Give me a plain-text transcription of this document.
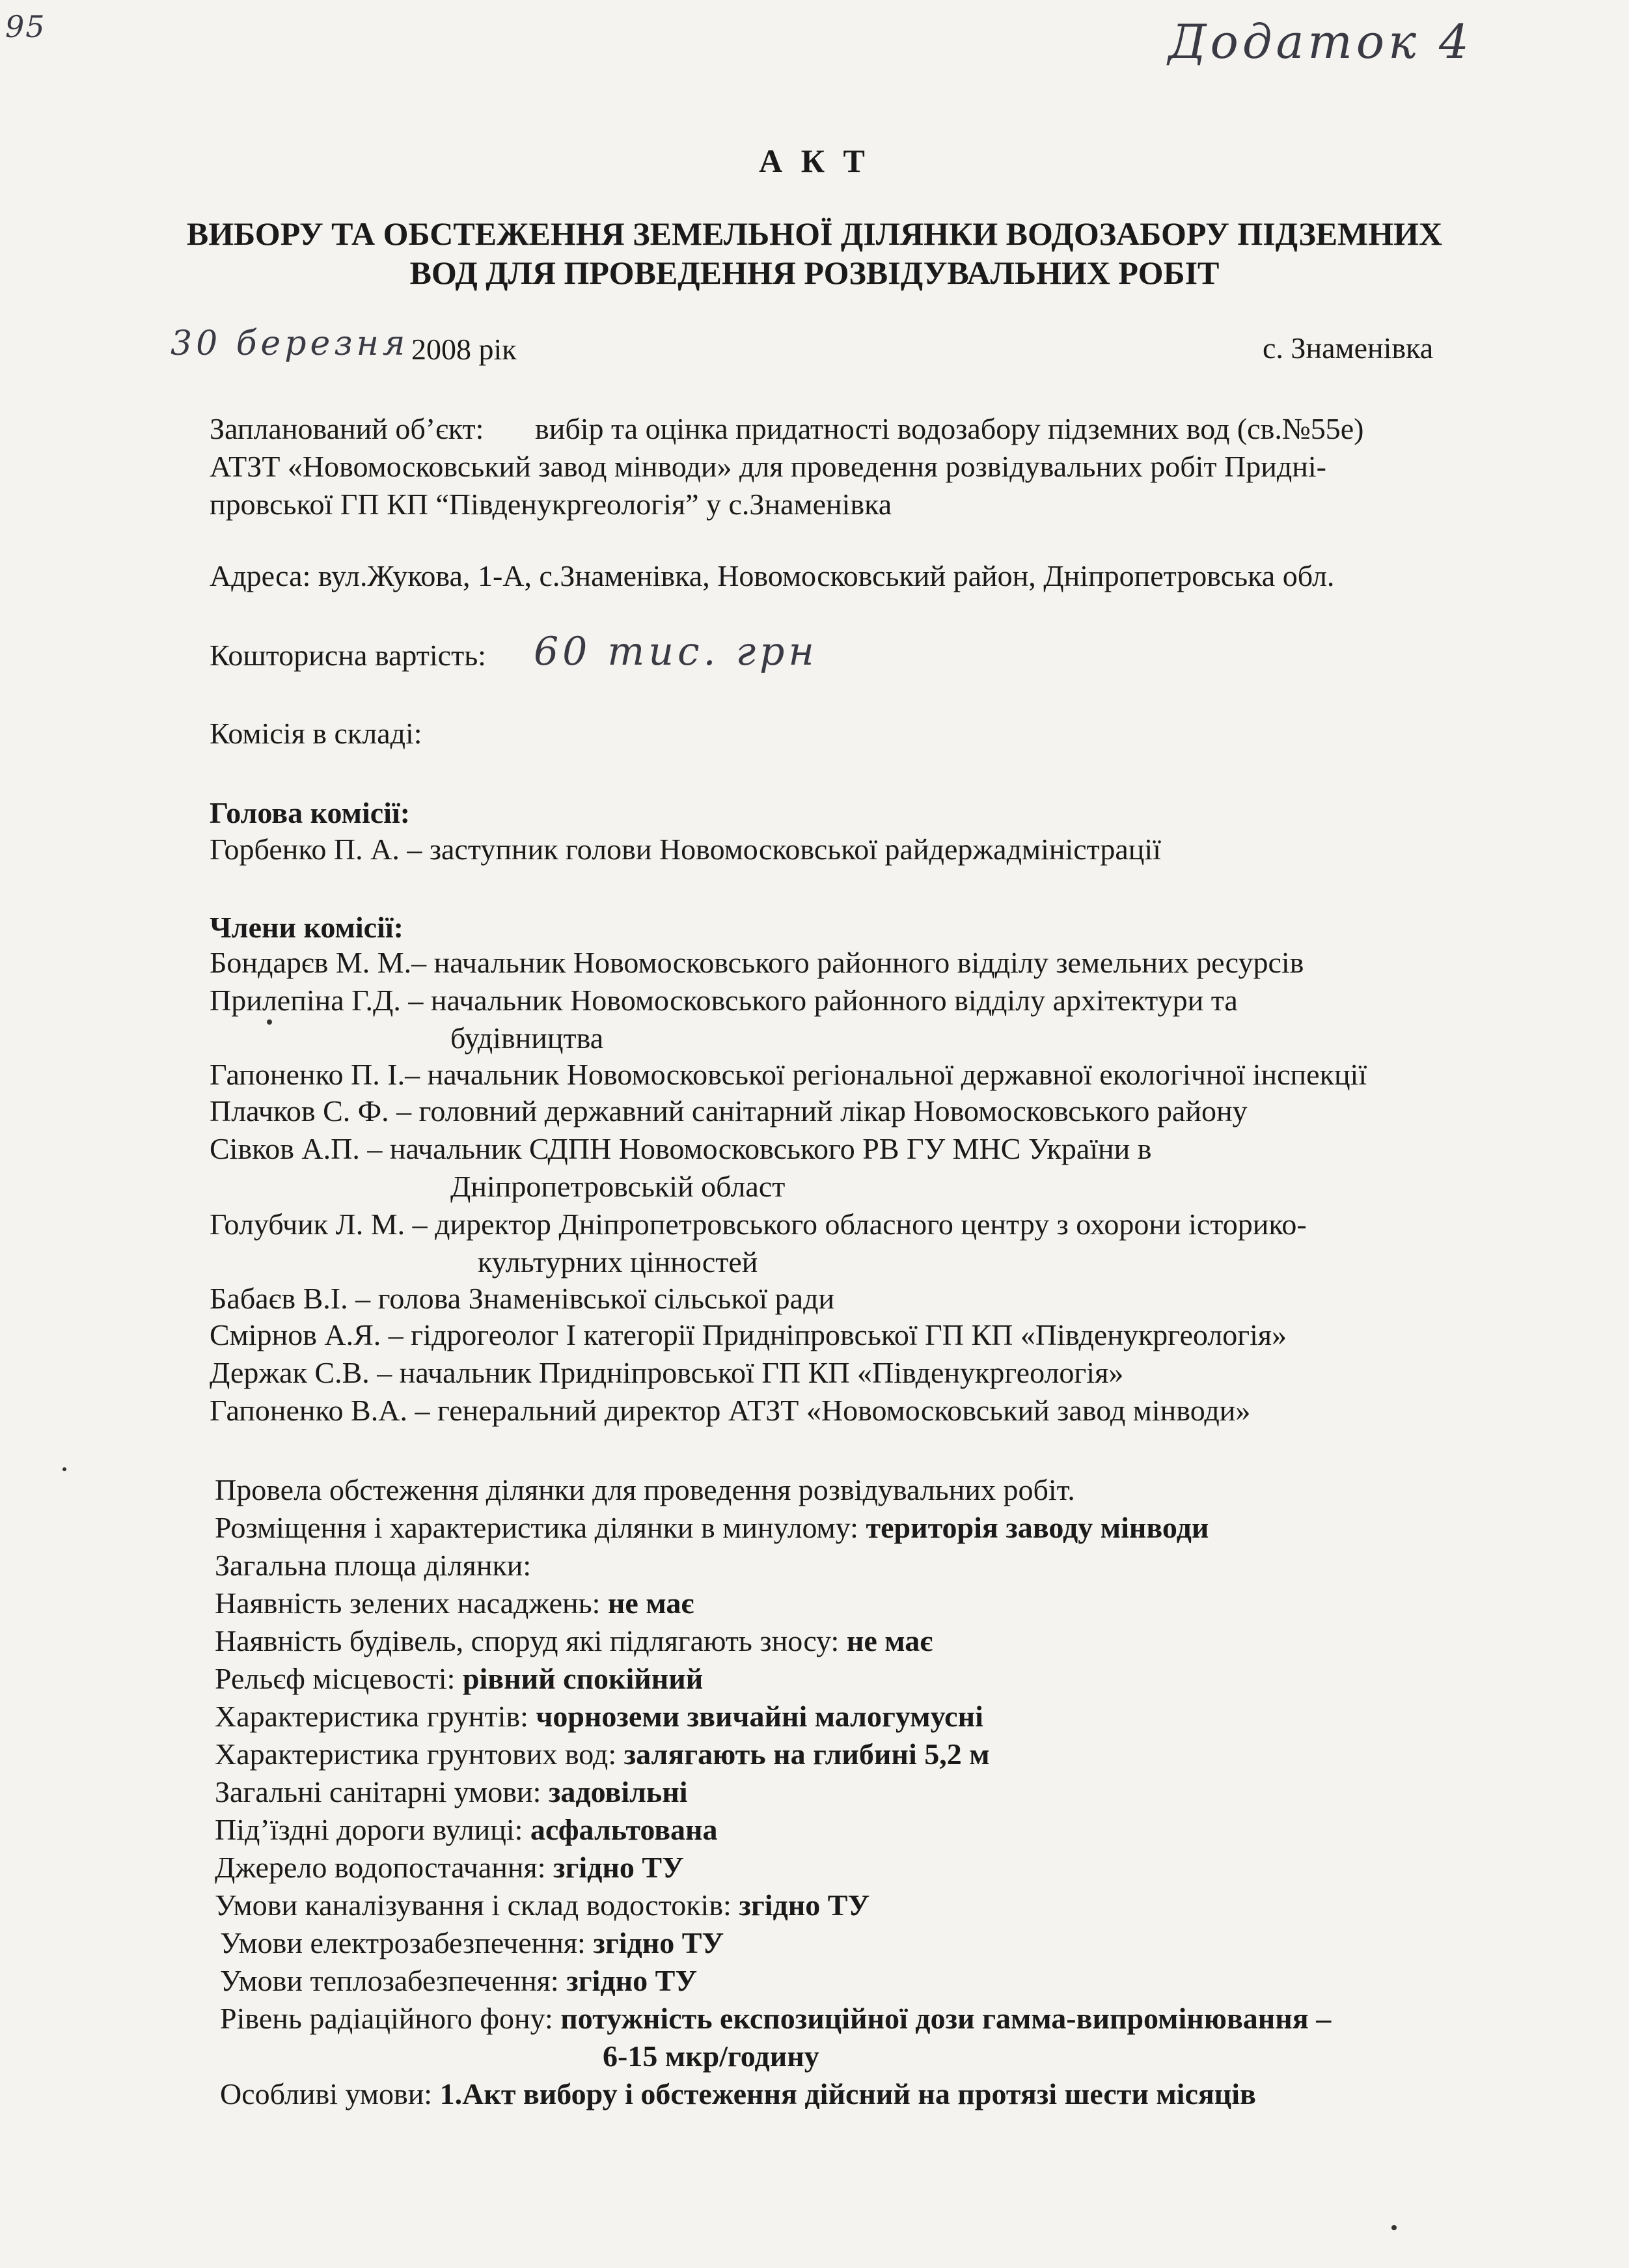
95	Додаток 4
А К Т
ВИБОРУ ТА ОБСТЕЖЕННЯ ЗЕМЕЛЬНОЇ ДІЛЯНКИ ВОДОЗАБОРУ ПІДЗЕМНИХ
ВОД ДЛЯ ПРОВЕДЕННЯ РОЗВІДУВАЛЬНИХ РОБІТ
30 березня 2008 рік	с. Знаменівка
Запланований об’єкт: вибір та оцінка придатності водозабору підземних вод (св.№55е)
АТЗТ «Новомосковський завод мінводи» для проведення розвідувальних робіт Придні-
провської ГП КП “Південукргеологія” у с.Знаменівка
Адреса: вул.Жукова, 1-А, с.Знаменівка, Новомосковський район, Дніпропетровська обл.
Кошторисна вартість: 60 тис. грн
Комісія в складі:
Голова комісії:
Горбенко П. А. – заступник голови Новомосковської райдержадміністрації
Члени комісії:
Бондарєв М. М.– начальник Новомосковського районного відділу земельних ресурсів
Прилепіна Г.Д. – начальник Новомосковського районного відділу архітектури та
будівництва
Гапоненко П. І.– начальник Новомосковської регіональної державної екологічної інспекції
Плачков С. Ф. – головний державний санітарний лікар Новомосковського району
Сівков А.П. – начальник СДПН Новомосковського РВ ГУ МНС України в
Дніпропетровській област
Голубчик Л. М. – директор Дніпропетровського обласного центру з охорони історико-
культурних цінностей
Бабаєв В.І. – голова Знаменівської сільської ради
Смірнов А.Я. – гідрогеолог І категорії Придніпровської ГП КП «Південукргеологія»
Держак С.В. – начальник Придніпровської ГП КП «Південукргеологія»
Гапоненко В.А. – генеральний директор АТЗТ «Новомосковський завод мінводи»
Провела обстеження ділянки для проведення розвідувальних робіт.
Розміщення і характеристика ділянки в минулому: територія заводу мінводи
Загальна площа ділянки:
Наявність зелених насаджень: не має
Наявність будівель, споруд які підлягають зносу: не має
Рельєф місцевості: рівний спокійний
Характеристика грунтів: чорноземи звичайні малогумусні
Характеристика грунтових вод: залягають на глибині 5,2 м
Загальні санітарні умови: задовільні
Під’їздні дороги вулиці: асфальтована
Джерело водопостачання: згідно ТУ
Умови каналізування і склад водостоків: згідно ТУ
Умови електрозабезпечення: згідно ТУ
Умови теплозабезпечення: згідно ТУ
Рівень радіаційного фону: потужність експозиційної дози гамма-випромінювання –
6-15 мкр/годину
Особливі умови: 1.Акт вибору і обстеження дійсний на протязі шести місяців
